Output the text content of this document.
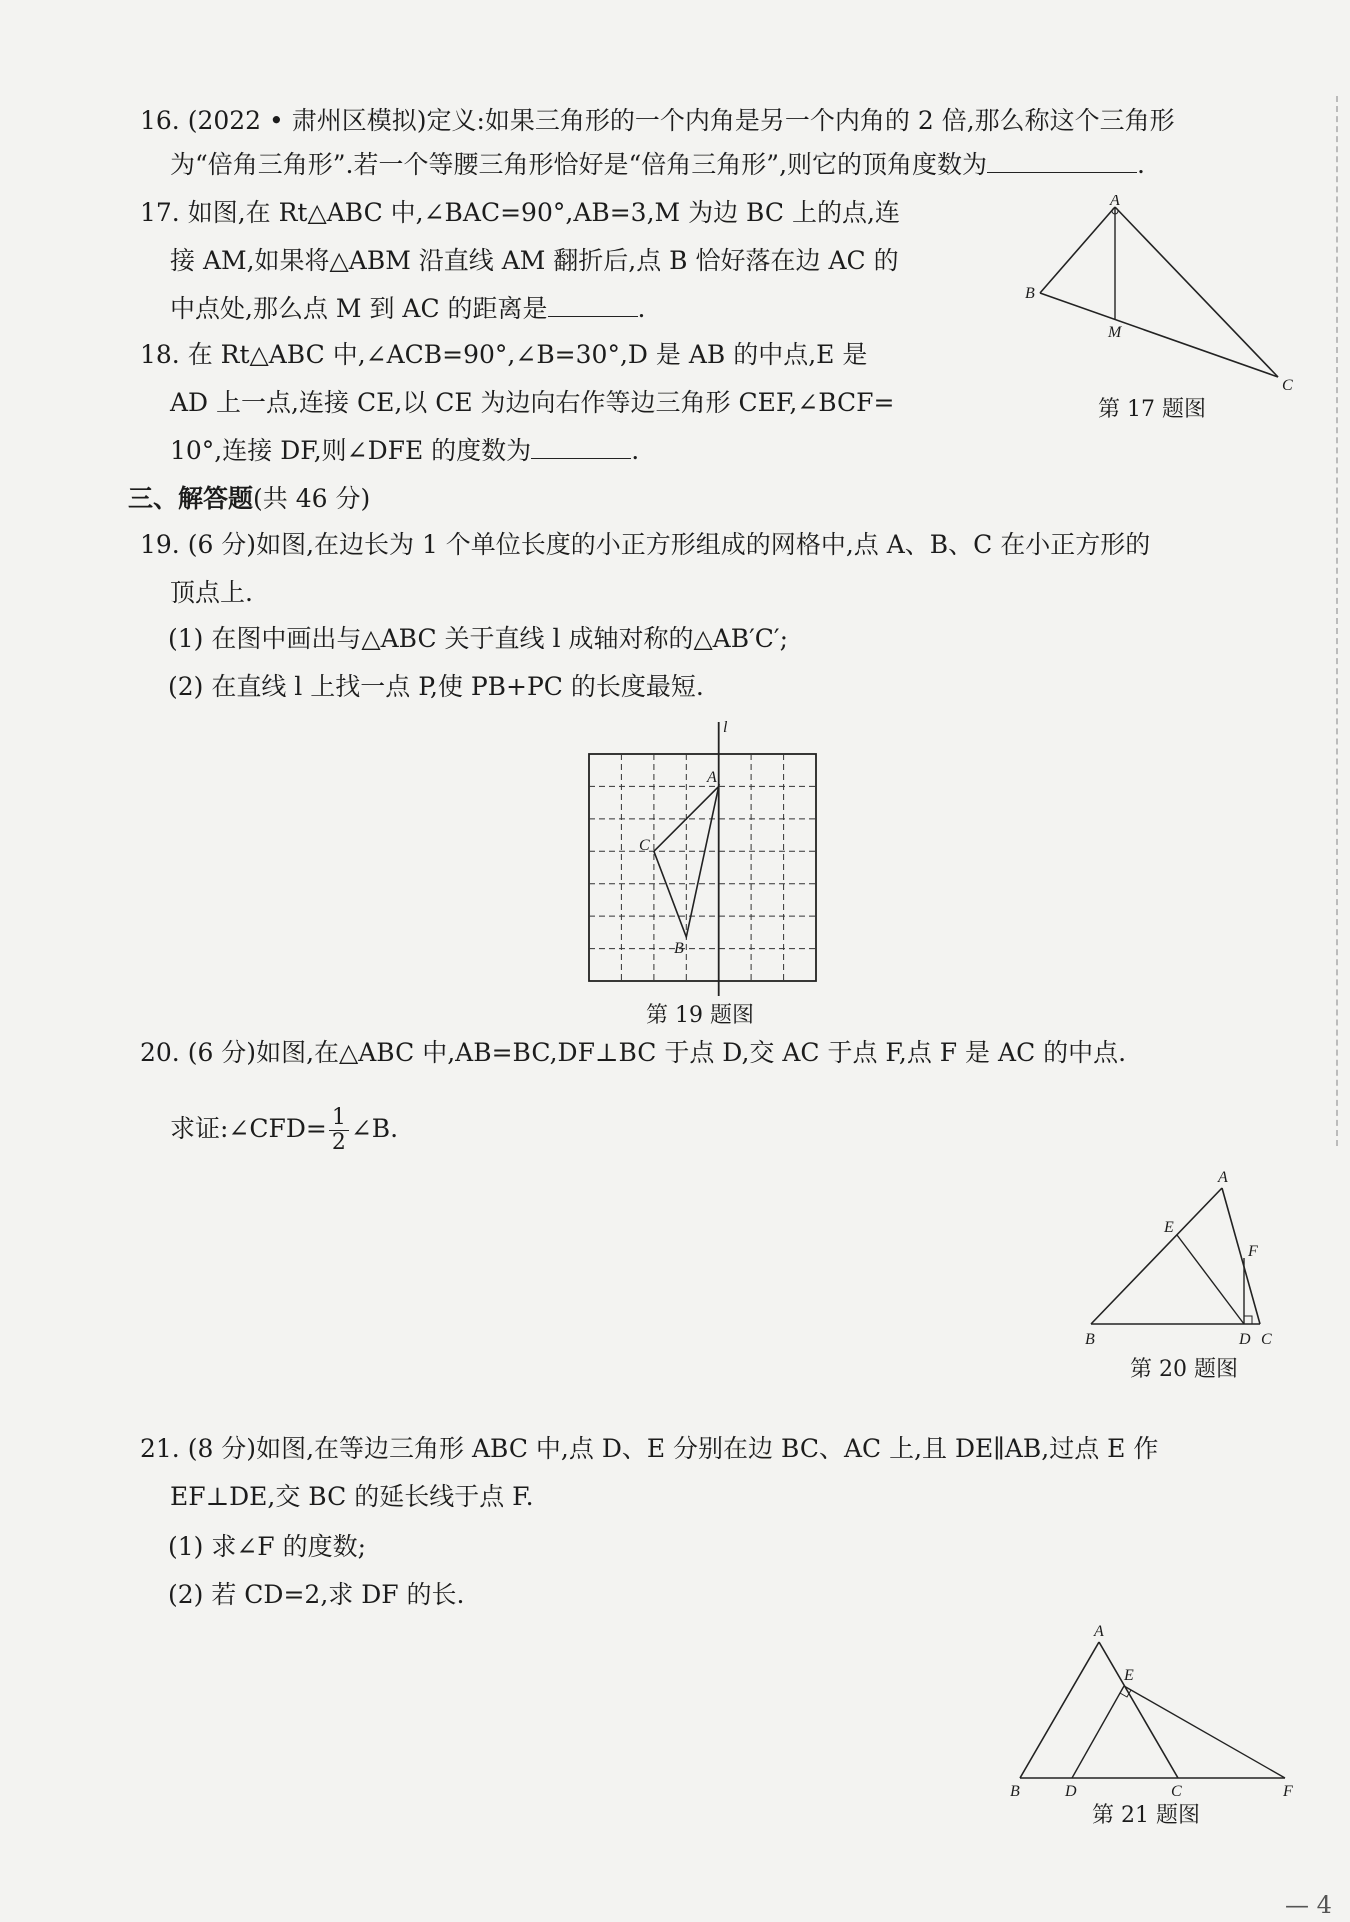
16. (2022 • 肃州区模拟)定义:如果三角形的一个内角是另一个内角的 2 倍,那么称这个三角形
为“倍角三角形”.若一个等腰三角形恰好是“倍角三角形”,则它的顶角度数为	.
17. 如图,在 Rt△ABC 中,∠BAC=90°,AB=3,M 为边 BC 上的点,连
接 AM,如果将△ABM 沿直线 AM 翻折后,点 B 恰好落在边 AC 的
中点处,那么点 M 到 AC 的距离是	.
A
B
M
C
第 17 题图
18. 在 Rt△ABC 中,∠ACB=90°,∠B=30°,D 是 AB 的中点,E 是
AD 上一点,连接 CE,以 CE 为边向右作等边三角形 CEF,∠BCF=
10°,连接 DF,则∠DFE 的度数为	.
三、解答题(共 46 分)
19. (6 分)如图,在边长为 1 个单位长度的小正方形组成的网格中,点 A、B、C 在小正方形的
顶点上.
(1) 在图中画出与△ABC 关于直线 l 成轴对称的△AB′C′;
(2) 在直线 l 上找一点 P,使 PB+PC 的长度最短.
l
A
C
B
第 19 题图
20. (6 分)如图,在△ABC 中,AB=BC,DF⊥BC 于点 D,交 AC 于点 F,点 F 是 AC 的中点.
求证:∠CFD= $\frac{1}{2}$ ∠B.
A
E
F
B	D C
第 20 题图
21. (8 分)如图,在等边三角形 ABC 中,点 D、E 分别在边 BC、AC 上,且 DE∥AB,过点 E 作
EF⊥DE,交 BC 的延长线于点 F.
(1) 求∠F 的度数;
(2) 若 CD=2,求 DF 的长.
A
E
B	D	C	F
第 21 题图
— 4
